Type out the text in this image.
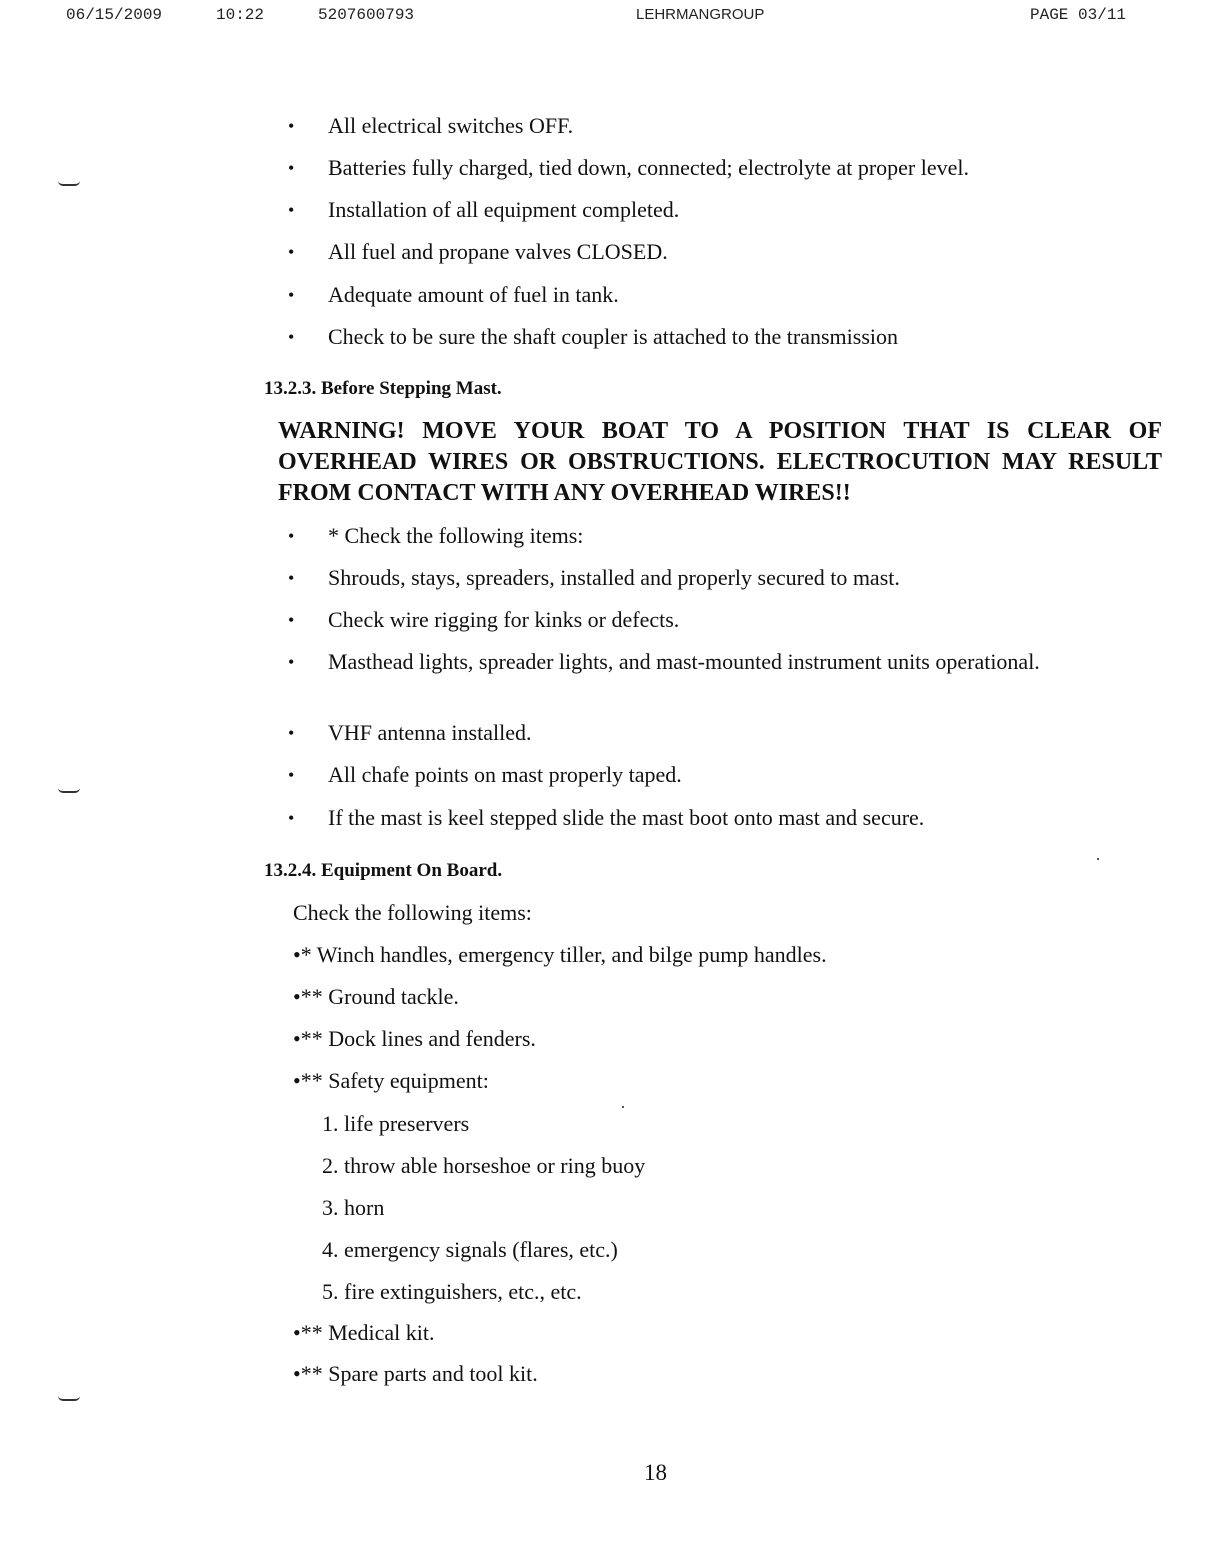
06/15/2009	10:22	5207600793	LEHRMANGROUP	PAGE 03/11
• All electrical switches OFF.
• Batteries fully charged, tied down, connected; electrolyte at proper level.
• Installation of all equipment completed.
• All fuel and propane valves CLOSED.
• Adequate amount of fuel in tank.
• Check to be sure the shaft coupler is attached to the transmission
13.2.3. Before Stepping Mast.

WARNING! MOVE YOUR BOAT TO A POSITION THAT IS CLEAR OF OVERHEAD WIRES OR OBSTRUCTIONS. ELECTROCUTION MAY RESULT FROM CONTACT WITH ANY OVERHEAD WIRES!!

• * Check the following items:
• Shrouds, stays, spreaders, installed and properly secured to mast.
• Check wire rigging for kinks or defects.
• Masthead lights, spreader lights, and mast-mounted instrument units operational.
• VHF antenna installed.
• All chafe points on mast properly taped.
• If the mast is keel stepped slide the mast boot onto mast and secure.
13.2.4. Equipment On Board.
Check the following items:
•* Winch handles, emergency tiller, and bilge pump handles.
•** Ground tackle.
•** Dock lines and fenders.
•** Safety equipment:
1. life preservers
2. throw able horseshoe or ring buoy
3. horn
4. emergency signals (flares, etc.)
5. fire extinguishers, etc., etc.
•** Medical kit.
•** Spare parts and tool kit.
18
